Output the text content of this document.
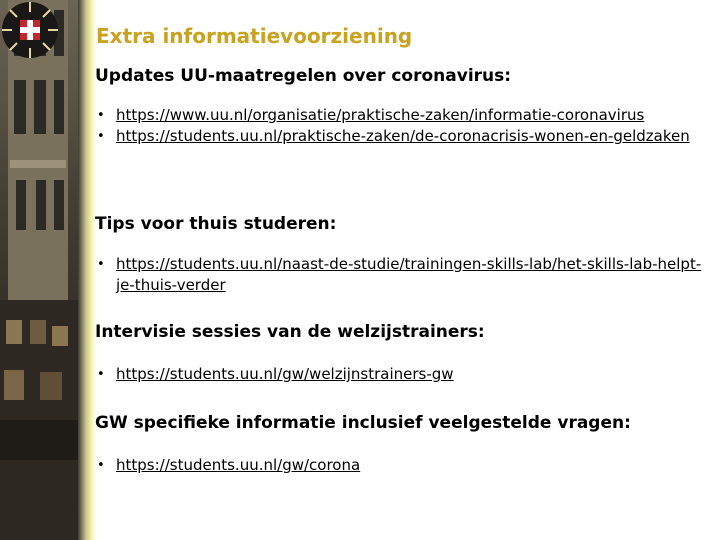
Extra informatievoorziening
Updates UU-maatregelen over coronavirus:
• https://www.uu.nl/organisatie/praktische-zaken/informatie-coronavirus
• https://students.uu.nl/praktische-zaken/de-coronacrisis-wonen-en-geldzaken
Tips voor thuis studeren:
• https://students.uu.nl/naast-de-studie/trainingen-skills-lab/het-skills-lab-helpt-je-thuis-verder
Intervisie sessies van de welzijstrainers:
• https://students.uu.nl/gw/welzijnstrainers-gw
GW specifieke informatie inclusief veelgestelde vragen:
• https://students.uu.nl/gw/corona
